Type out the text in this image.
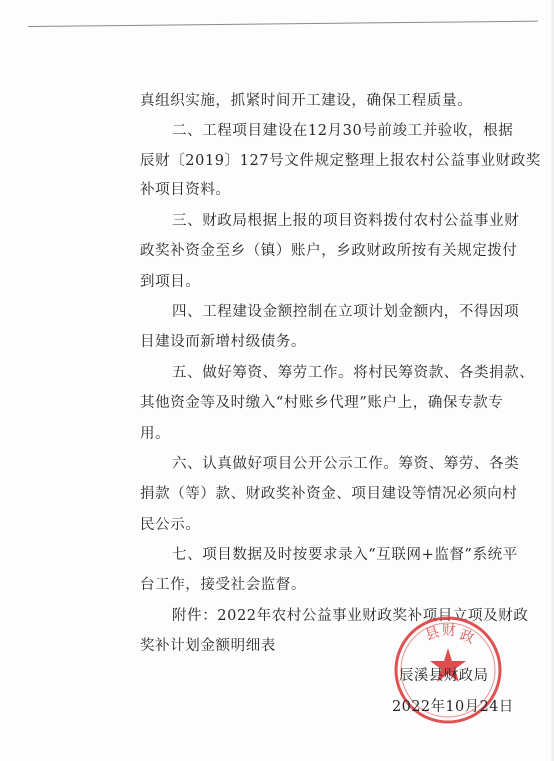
真组织实施，抓紧时间开工建设，确保工程质量。
二、工程项目建设在12月30号前竣工并验收，根据
辰财〔2019〕127号文件规定整理上报农村公益事业财政奖
补项目资料。
三、财政局根据上报的项目资料拨付农村公益事业财
政奖补资金至乡（镇）账户，乡政财政所按有关规定拨付
到项目。
四、工程建设金额控制在立项计划金额内，不得因项
目建设而新增村级债务。
五、做好筹资、筹劳工作。将村民筹资款、各类捐款、
其他资金等及时缴入“村账乡代理”账户上，确保专款专
用。
六、认真做好项目公开公示工作。筹资、筹劳、各类
捐款（等）款、财政奖补资金、项目建设等情况必须向村
民公示。
七、项目数据及时按要求录入“互联网+监督”系统平
台工作，接受社会监督。
附件：2022年农村公益事业财政奖补项目立项及财政
奖补计划金额明细表
县 财 政
辰溪县财政局
2022年10月24日
